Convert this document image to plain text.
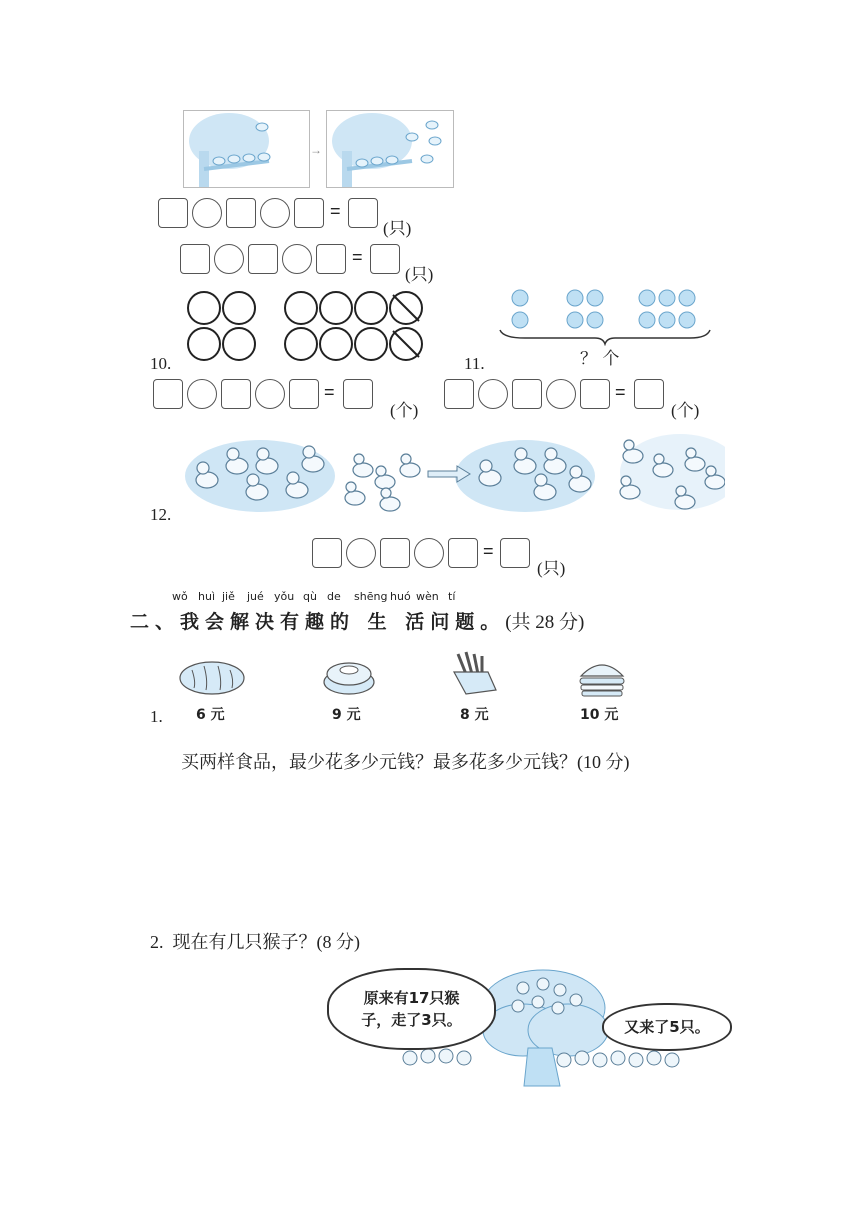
→
=
(只)
=
(只)
10.	11.	？ 个
=
(个)
=
(个)
12.
=
(只)
wǒ huì jiě jué yǒu qù de shēng huó wèn tí
二、我会解决有趣的 生 活问题。(共 28 分)
1. 6 元	9 元	8 元	10 元
买两样食品，最少花多少元钱？最多花多少元钱？(10 分)
2. 现在有几只猴子？(8 分)
原来有17只猴子，走了3只。	又来了5只。
